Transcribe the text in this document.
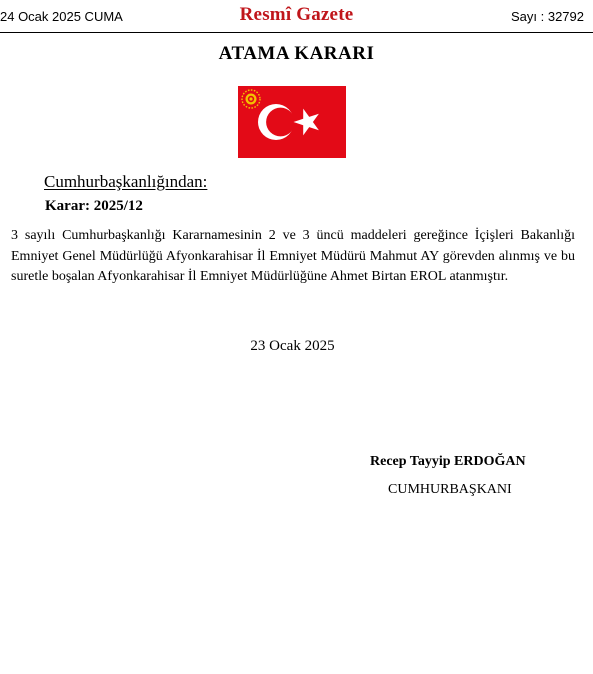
24 Ocak 2025 CUMA	Resmî Gazete	Sayı : 32792
ATAMA KARARI
Cumhurbaşkanlığından:
Karar: 2025/12
3 sayılı Cumhurbaşkanlığı Kararnamesinin 2 ve 3 üncü maddeleri gereğince İçişleri Bakanlığı Emniyet Genel Müdürlüğü Afyonkarahisar İl Emniyet Müdürü Mahmut AY görevden alınmış ve bu suretle boşalan Afyonkarahisar İl Emniyet Müdürlüğüne Ahmet Birtan EROL atanmıştır.
23 Ocak 2025
Recep Tayyip ERDOĞAN
CUMHURBAŞKANI
